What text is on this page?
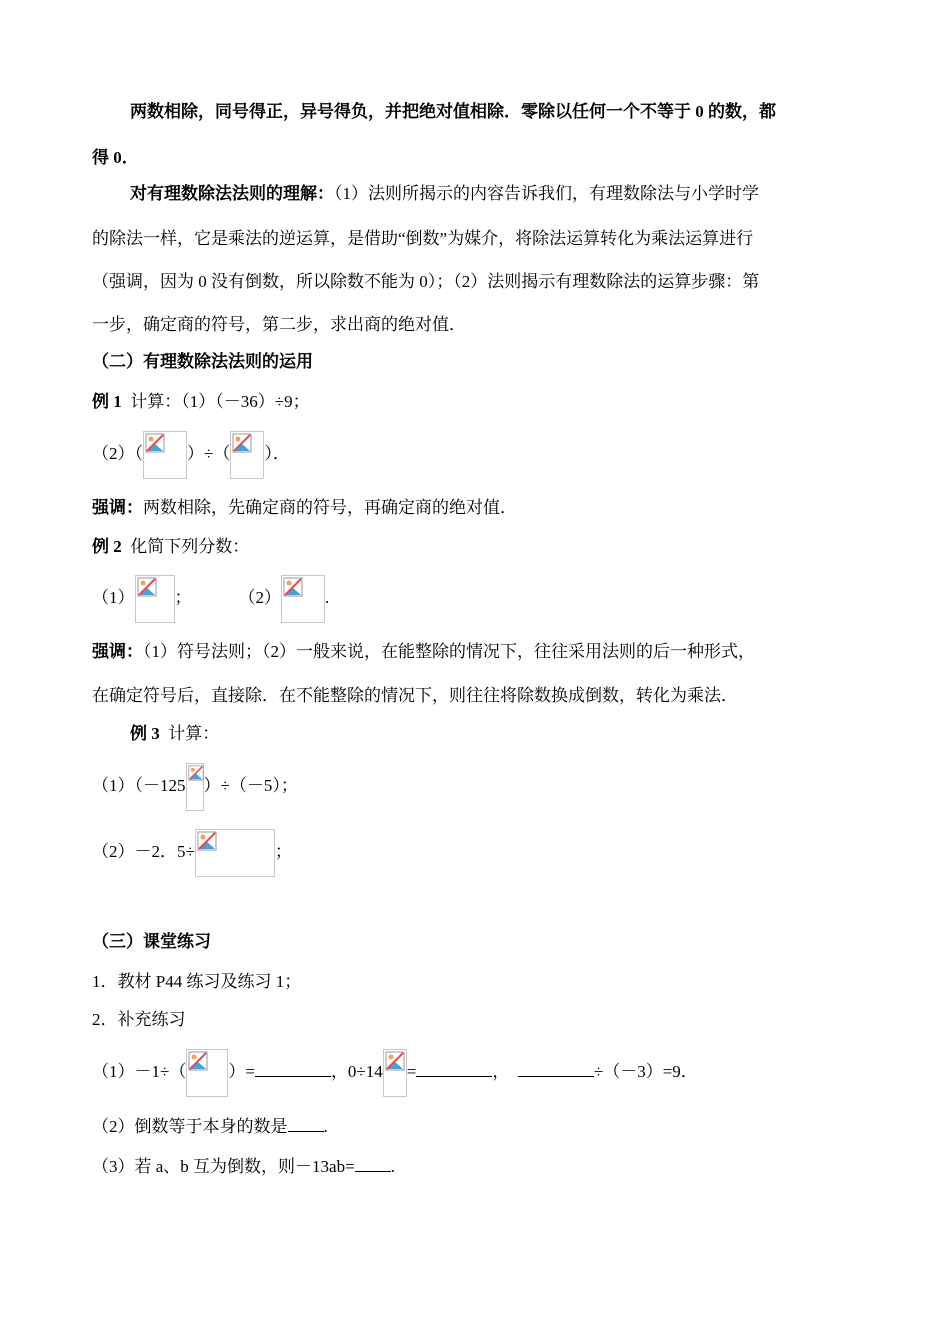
两数相除，同号得正，异号得负，并把绝对值相除．零除以任何一个不等于 0 的数，都
得 0．
对有理数除法法则的理解：（1）法则所揭示的内容告诉我们，有理数除法与小学时学
的除法一样，它是乘法的逆运算，是借助“倒数”为媒介，将除法运算转化为乘法运算进行
（强调，因为 0 没有倒数，所以除数不能为 0）；（2）法则揭示有理数除法的运算步骤：第
一步，确定商的符号，第二步，求出商的绝对值．
（二）有理数除法法则的运用
例 1 计算：（1）（－36）÷9；
（2）（	）÷（ ）．
强调：两数相除，先确定商的符号，再确定商的绝对值．
例 2 化简下列分数：
（1） ；	（2）	.
强调：（1）符号法则；（2）一般来说，在能整除的情况下，往往采用法则的后一种形式，
在确定符号后，直接除．在不能整除的情况下，则往往将除数换成倒数，转化为乘法．
例 3 计算：
（1）（－125 ）÷（－5）；
（2）－2．5÷	；
（三）课堂练习
1．教材 P44 练习及练习 1；
2．补充练习
（1）－1÷（ ）=	，0÷14 =	，	÷（－3）=9．
（2）倒数等于本身的数是 .
（3）若 a、b 互为倒数，则－13ab= .
